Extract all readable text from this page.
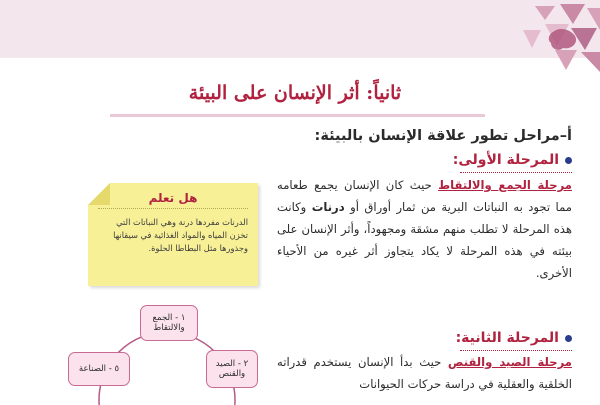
ثانياً: أثر الإنسان على البيئة
أ–مراحل تطور علاقة الإنسان بالبيئة:
المرحلة الأولى:
مرحلة الجمع والالتقاط حيث كان الإنسان يجمع طعامه مما تجود به النباتات البرية من ثمار أوراق أو درنات وكانت هذه المرحلة لا تطلب منهم مشقة ومجهوداً، وأثر الإنسان على بيئته في هذه المرحلة لا يكاد يتجاوز أثر غيره من الأحياء الأخرى.
المرحلة الثانية:
مرحلة الصيد والقنص حيث بدأ الإنسان يستخدم قدراته الخلقية والعقلية في دراسة حركات الحيوانات
هل تعلم
الدرنات مفردها درنة وهي النباتات التي تخزن المياه والمواد الغذائية في سيقانها وجذورها مثل البطاطا الحلوة.
١ - الجمع والالتقاط
٢ - الصيد والقنص
٥ - الصناعة
